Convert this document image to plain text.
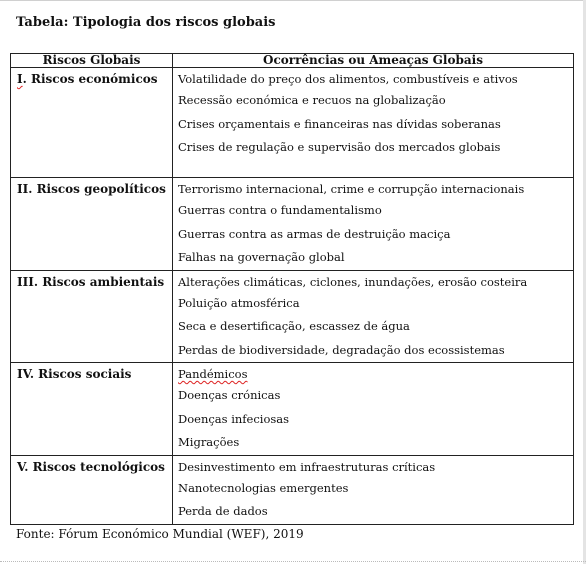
Tabela: Tipologia dos riscos globais
Riscos Globais	Ocorrências ou Ameaças Globais

I. Riscos económicos	Volatilidade do preço dos alimentos, combustíveis e ativos
Recessão económica e recuos na globalização
Crises orçamentais e financeiras nas dívidas soberanas
Crises de regulação e supervisão dos mercados globais

II. Riscos geopolíticos	Terrorismo internacional, crime e corrupção internacionais
Guerras contra o fundamentalismo
Guerras contra as armas de destruição maciça
Falhas na governação global

III. Riscos ambientais	Alterações climáticas, ciclones, inundações, erosão costeira
Poluição atmosférica
Seca e desertificação, escassez de água
Perdas de biodiversidade, degradação dos ecossistemas

IV. Riscos sociais	Pandémicos
Doenças crónicas
Doenças infeciosas
Migrações

V. Riscos tecnológicos	Desinvestimento em infraestruturas críticas
Nanotecnologias emergentes
Perda de dados
Fonte: Fórum Económico Mundial (WEF), 2019
